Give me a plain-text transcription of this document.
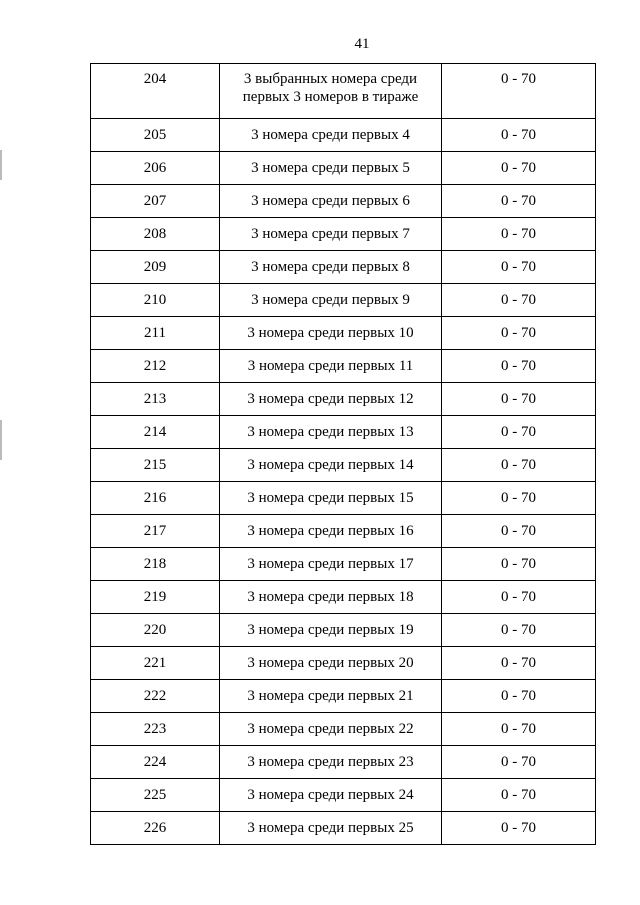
41
204	3 выбранных номера среди первых 3 номеров в тираже	0 - 70
205	3 номера среди первых 4	0 - 70
206	3 номера среди первых 5	0 - 70
207	3 номера среди первых 6	0 - 70
208	3 номера среди первых 7	0 - 70
209	3 номера среди первых 8	0 - 70
210	3 номера среди первых 9	0 - 70
211	3 номера среди первых 10	0 - 70
212	3 номера среди первых 11	0 - 70
213	3 номера среди первых 12	0 - 70
214	3 номера среди первых 13	0 - 70
215	3 номера среди первых 14	0 - 70
216	3 номера среди первых 15	0 - 70
217	3 номера среди первых 16	0 - 70
218	3 номера среди первых 17	0 - 70
219	3 номера среди первых 18	0 - 70
220	3 номера среди первых 19	0 - 70
221	3 номера среди первых 20	0 - 70
222	3 номера среди первых 21	0 - 70
223	3 номера среди первых 22	0 - 70
224	3 номера среди первых 23	0 - 70
225	3 номера среди первых 24	0 - 70
226	3 номера среди первых 25	0 - 70
